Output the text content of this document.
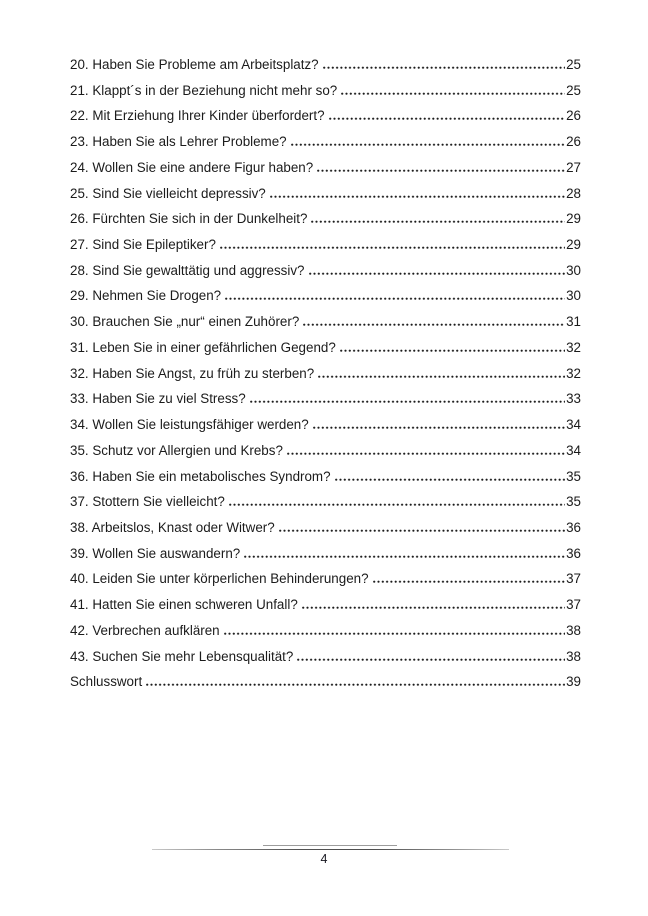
20. Haben Sie Probleme am Arbeitsplatz?	25
21. Klappt´s in der Beziehung nicht mehr so?	25
22. Mit Erziehung Ihrer Kinder überfordert?	26
23. Haben Sie als Lehrer Probleme?	26
24. Wollen Sie eine andere Figur haben?	27
25. Sind Sie vielleicht depressiv?	28
26. Fürchten Sie sich in der Dunkelheit?	29
27. Sind Sie Epileptiker?	29
28. Sind Sie gewalttätig und aggressiv?	30
29. Nehmen Sie Drogen?	30
30. Brauchen Sie „nur“ einen Zuhörer?	31
31. Leben Sie in einer gefährlichen Gegend?	32
32. Haben Sie Angst, zu früh zu sterben?	32
33. Haben Sie zu viel Stress?	33
34. Wollen Sie leistungsfähiger werden?	34
35. Schutz vor Allergien und Krebs?	34
36. Haben Sie ein metabolisches Syndrom?	35
37. Stottern Sie vielleicht?	35
38. Arbeitslos, Knast oder Witwer?	36
39. Wollen Sie auswandern?	36
40. Leiden Sie unter körperlichen Behinderungen?	37
41. Hatten Sie einen schweren Unfall?	37
42. Verbrechen aufklären	38
43. Suchen Sie mehr Lebensqualität?	38
Schlusswort	39
4
